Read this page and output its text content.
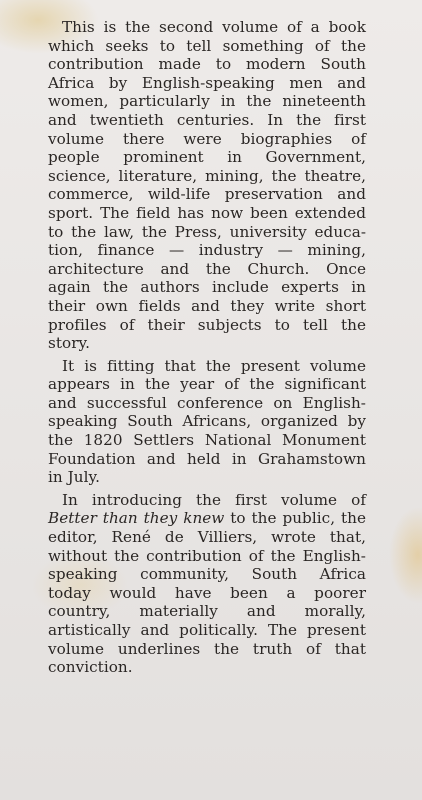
This is the second volume of a book
which seeks to tell something of the
contribution made to modern South
Africa by English-speaking men and
women, particularly in the nineteenth
and twentieth centuries. In the first
volume there were biographies of
people prominent in Government,
science, literature, mining, the theatre,
commerce, wild-life preservation and
sport. The field has now been extended
to the law, the Press, university educa-
tion, finance — industry — mining,
architecture and the Church. Once
again the authors include experts in
their own fields and they write short
profiles of their subjects to tell the
story.
It is fitting that the present volume
appears in the year of the significant
and successful conference on English-
speaking South Africans, organized by
the 1820 Settlers National Monument
Foundation and held in Grahamstown
in July.
In introducing the first volume of
Better than they knew to the public, the
editor, René de Villiers, wrote that,
without the contribution of the English-
speaking community, South Africa
today would have been a poorer
country, materially and morally,
artistically and politically. The present
volume underlines the truth of that
conviction.
